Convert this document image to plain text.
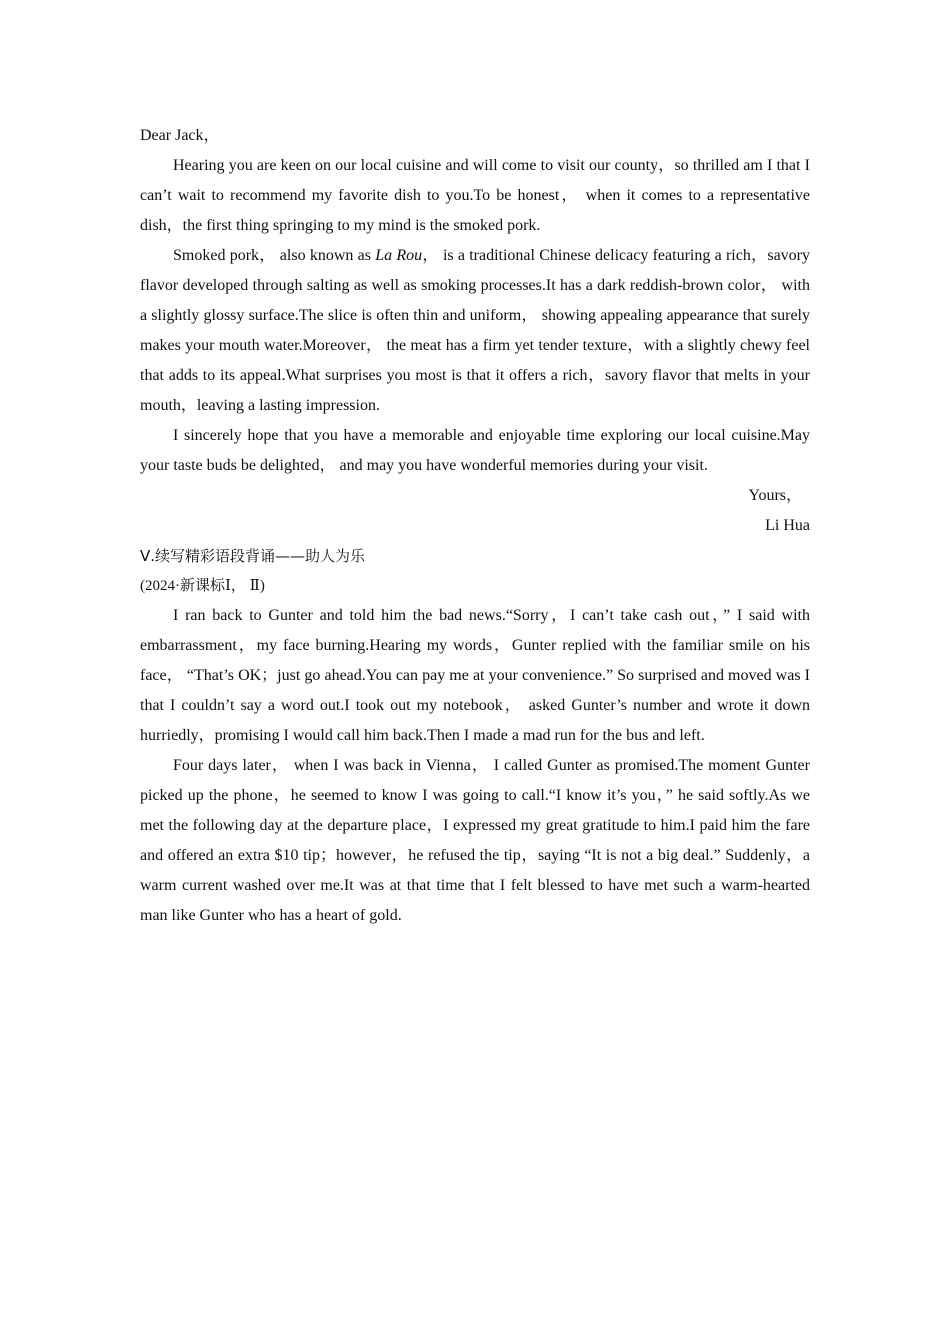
Dear Jack，

Hearing you are keen on our local cuisine and will come to visit our county，so thrilled am I that I can’t wait to recommend my favorite dish to you.To be honest， when it comes to a representative dish，the first thing springing to my mind is the smoked pork.

Smoked pork， also known as La Rou， is a traditional Chinese delicacy featuring a rich，savory flavor developed through salting as well as smoking processes.It has a dark reddish-brown color， with a slightly glossy surface.The slice is often thin and uniform， showing appealing appearance that surely makes your mouth water.Moreover， the meat has a firm yet tender texture，with a slightly chewy feel that adds to its appeal.What surprises you most is that it offers a rich，savory flavor that melts in your mouth，leaving a lasting impression.

I sincerely hope that you have a memorable and enjoyable time exploring our local cuisine.May your taste buds be delighted， and may you have wonderful memories during your visit.

Yours，

Li Hua

Ⅴ.续写精彩语段背诵——助人为乐

(2024·新课标Ⅰ， Ⅱ)

I ran back to Gunter and told him the bad news.“Sorry，I can’t take cash out，” I said with embarrassment，my face burning.Hearing my words，Gunter replied with the familiar smile on his face， “That’s OK；just go ahead.You can pay me at your convenience.” So surprised and moved was I that I couldn’t say a word out.I took out my notebook， asked Gunter’s number and wrote it down hurriedly，promising I would call him back.Then I made a mad run for the bus and left.

Four days later， when I was back in Vienna， I called Gunter as promised.The moment Gunter picked up the phone，he seemed to know I was going to call.“I know it’s you，” he said softly.As we met the following day at the departure place，I expressed my great gratitude to him.I paid him the fare and offered an extra $10 tip；however，he refused the tip，saying “It is not a big deal.” Suddenly，a warm current washed over me.It was at that time that I felt blessed to have met such a warm-hearted man like Gunter who has a heart of gold.
